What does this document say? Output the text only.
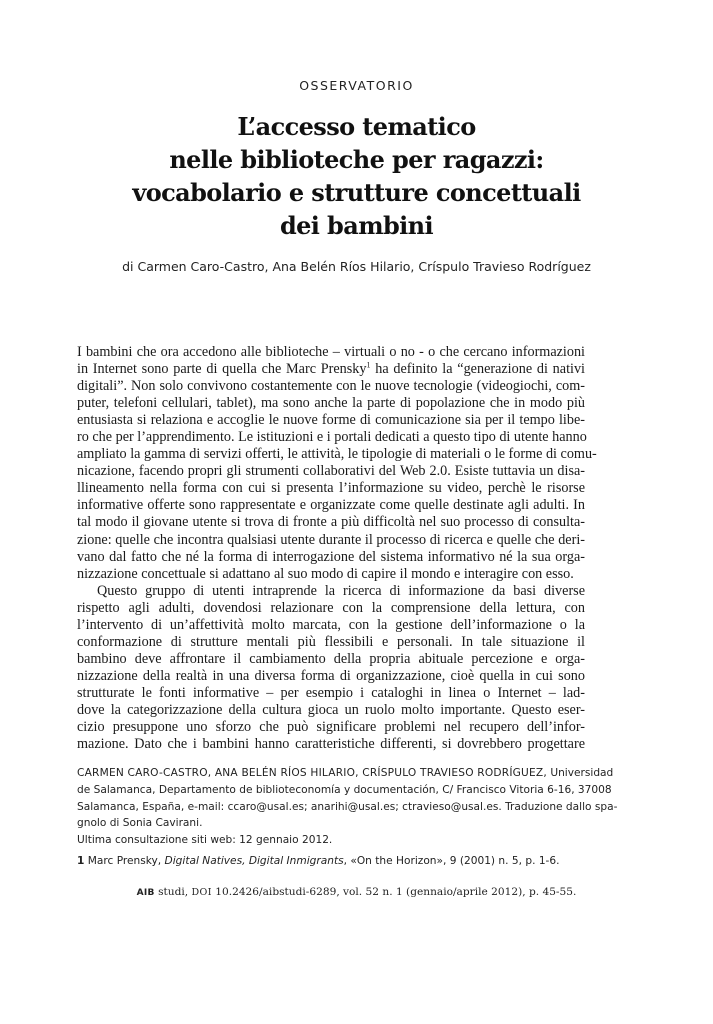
OSSERVATORIO
L’accesso tematico
nelle biblioteche per ragazzi:
vocabolario e strutture concettuali
dei bambini
di Carmen Caro-Castro, Ana Belén Ríos Hilario, Críspulo Travieso Rodríguez
I bambini che ora accedono alle biblioteche – virtuali o no - o che cercano informazioni
in Internet sono parte di quella che Marc Prensky$^1$ ha definito la “generazione di nativi
digitali”. Non solo convivono costantemente con le nuove tecnologie (videogiochi, com-
puter, telefoni cellulari, tablet), ma sono anche la parte di popolazione che in modo più
entusiasta si relaziona e accoglie le nuove forme di comunicazione sia per il tempo libe-
ro che per l’apprendimento. Le istituzioni e i portali dedicati a questo tipo di utente hanno
ampliato la gamma di servizi offerti, le attività, le tipologie di materiali o le forme di comu-
nicazione, facendo propri gli strumenti collaborativi del Web 2.0. Esiste tuttavia un disa-
llineamento nella forma con cui si presenta l’informazione su video, perchè le risorse
informative offerte sono rappresentate e organizzate come quelle destinate agli adulti. In
tal modo il giovane utente si trova di fronte a più difficoltà nel suo processo di consulta-
zione: quelle che incontra qualsiasi utente durante il processo di ricerca e quelle che deri-
vano dal fatto che né la forma di interrogazione del sistema informativo né la sua orga-
nizzazione concettuale si adattano al suo modo di capire il mondo e interagire con esso.
Questo gruppo di utenti intraprende la ricerca di informazione da basi diverse
rispetto agli adulti, dovendosi relazionare con la comprensione della lettura, con
l’intervento di un’affettività molto marcata, con la gestione dell’informazione o la
conformazione di strutture mentali più flessibili e personali. In tale situazione il
bambino deve affrontare il cambiamento della propria abituale percezione e orga-
nizzazione della realtà in una diversa forma di organizzazione, cioè quella in cui sono
strutturate le fonti informative – per esempio i cataloghi in linea o Internet – lad-
dove la categorizzazione della cultura gioca un ruolo molto importante. Questo eser-
cizio presuppone uno sforzo che può significare problemi nel recupero dell’infor-
mazione. Dato che i bambini hanno caratteristiche differenti, si dovrebbero progettare
CARMEN CARO-CASTRO, ANA BELÉN RÍOS HILARIO, CRÍSPULO TRAVIESO RODRÍGUEZ, Universidad
de Salamanca, Departamento de biblioteconomía y documentación, C/ Francisco Vitoria 6-16, 37008
Salamanca, España, e-mail: ccaro@usal.es; anarihi@usal.es; ctravieso@usal.es. Traduzione dallo spa-
gnolo di Sonia Cavirani.
Ultima consultazione siti web: 12 gennaio 2012.
1 Marc Prensky, Digital Natives, Digital Inmigrants, «On the Horizon», 9 (2001) n. 5, p. 1-6.
AIB studi, DOI 10.2426/aibstudi-6289, vol. 52 n. 1 (gennaio/aprile 2012), p. 45-55.
